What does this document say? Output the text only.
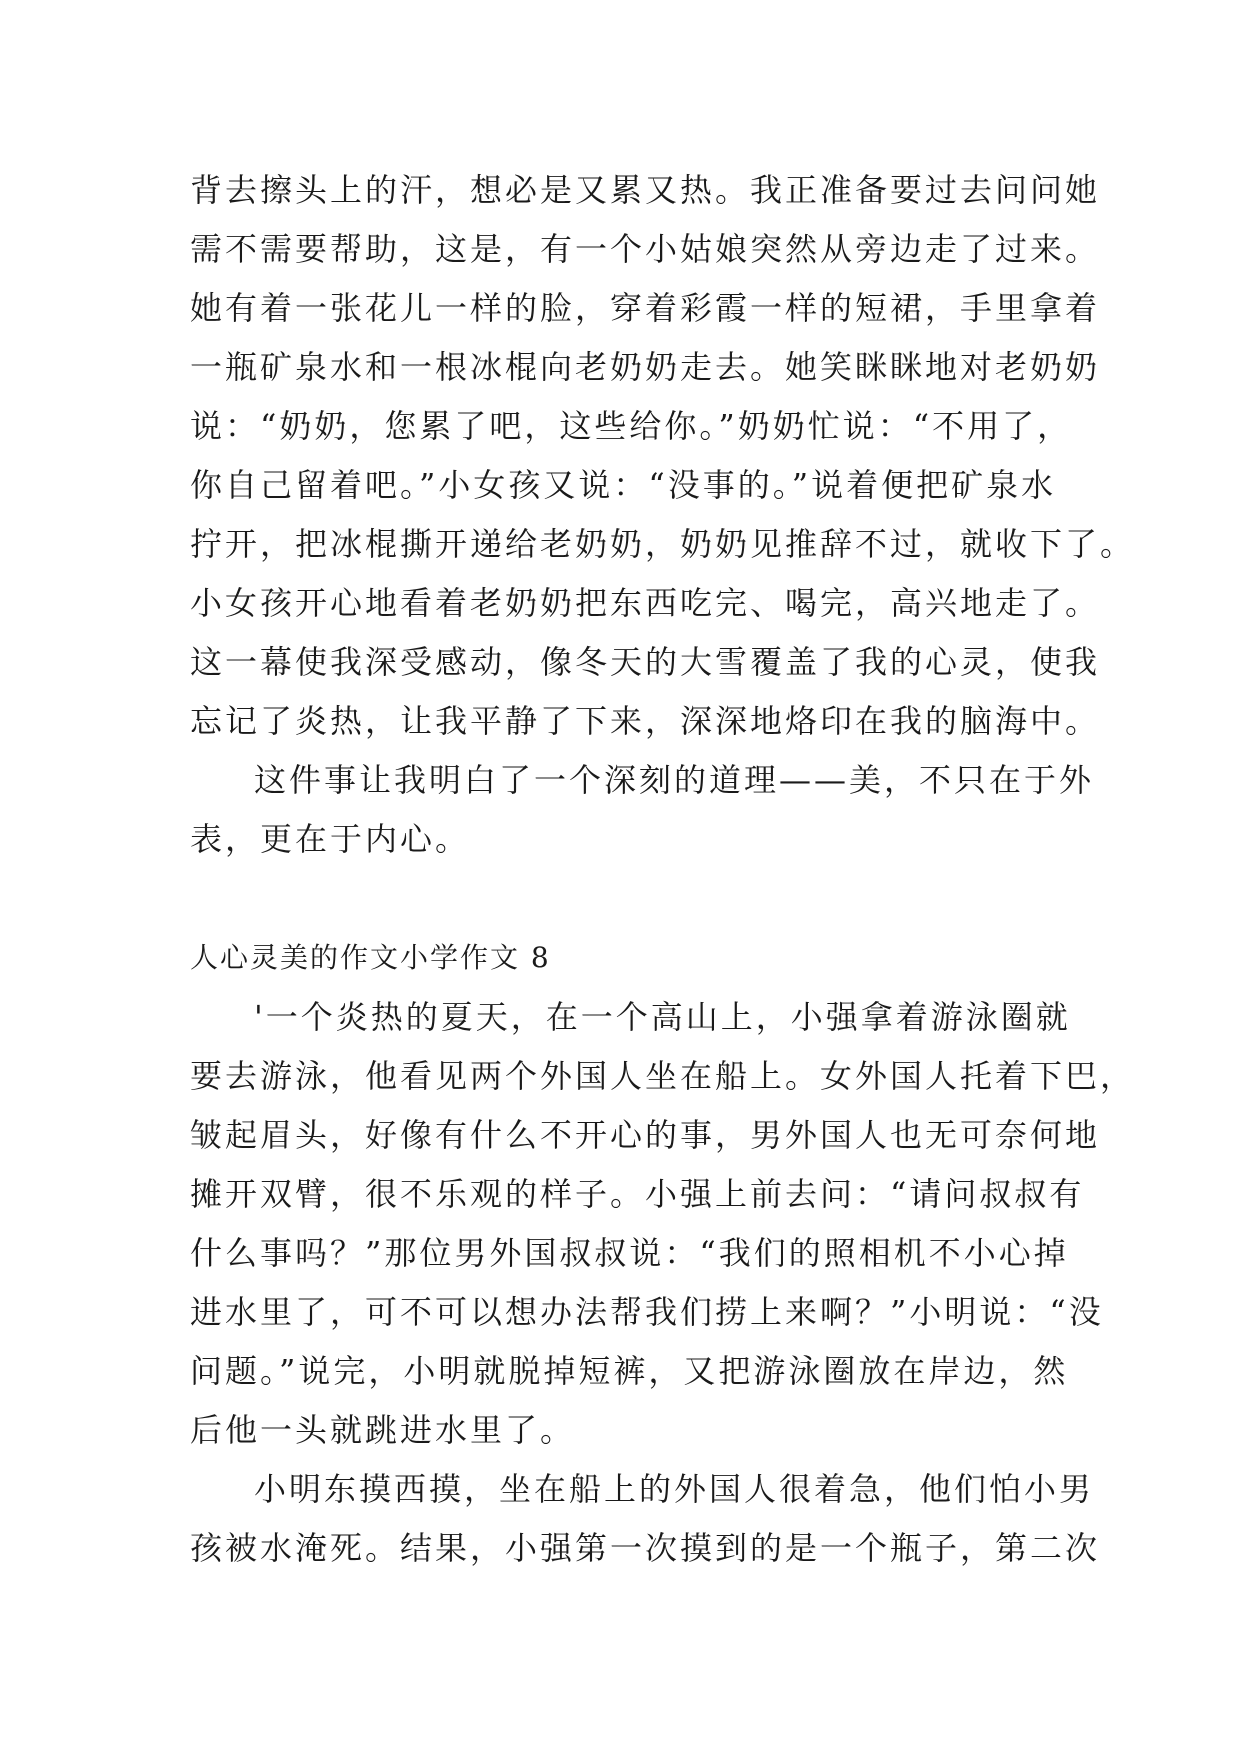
背去擦头上的汗，想必是又累又热。我正准备要过去问问她
需不需要帮助，这是，有一个小姑娘突然从旁边走了过来。
她有着一张花儿一样的脸，穿着彩霞一样的短裙，手里拿着
一瓶矿泉水和一根冰棍向老奶奶走去。她笑眯眯地对老奶奶
说：“奶奶，您累了吧，这些给你。”奶奶忙说：“不用了，
你自己留着吧。”小女孩又说：“没事的。”说着便把矿泉水
拧开，把冰棍撕开递给老奶奶，奶奶见推辞不过，就收下了。
小女孩开心地看着老奶奶把东西吃完、喝完，高兴地走了。
这一幕使我深受感动，像冬天的大雪覆盖了我的心灵，使我
忘记了炎热，让我平静了下来，深深地烙印在我的脑海中。
这件事让我明白了一个深刻的道理——美，不只在于外
表，更在于内心。
人心灵美的作文小学作文 8
'一个炎热的夏天，在一个高山上，小强拿着游泳圈就
要去游泳，他看见两个外国人坐在船上。女外国人托着下巴，
皱起眉头，好像有什么不开心的事，男外国人也无可奈何地
摊开双臂，很不乐观的样子。小强上前去问：“请问叔叔有
什么事吗？”那位男外国叔叔说：“我们的照相机不小心掉
进水里了，可不可以想办法帮我们捞上来啊？”小明说：“没
问题。”说完，小明就脱掉短裤，又把游泳圈放在岸边，然
后他一头就跳进水里了。
小明东摸西摸，坐在船上的外国人很着急，他们怕小男
孩被水淹死。结果，小强第一次摸到的是一个瓶子，第二次
